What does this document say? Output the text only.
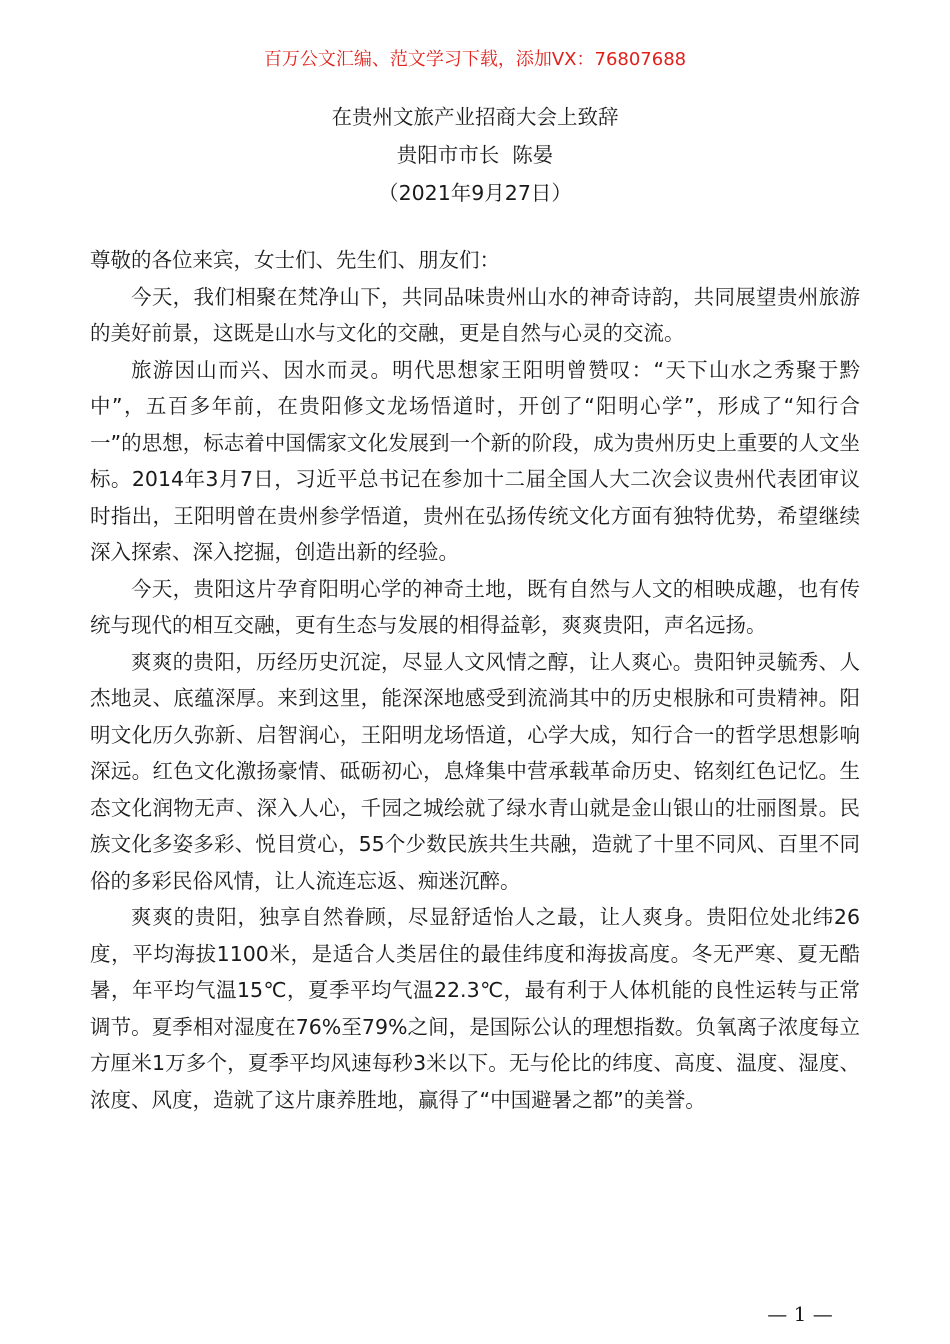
百万公文汇编、范文学习下载，添加VX：76807688
在贵州文旅产业招商大会上致辞
贵阳市市长  陈晏
（2021年9月27日）

尊敬的各位来宾，女士们、先生们、朋友们：

今天，我们相聚在梵净山下，共同品味贵州山水的神奇诗韵，共同展望贵州旅游的美好前景，这既是山水与文化的交融，更是自然与心灵的交流。

旅游因山而兴、因水而灵。明代思想家王阳明曾赞叹：“天下山水之秀聚于黔中”，五百多年前，在贵阳修文龙场悟道时，开创了“阳明心学”，形成了“知行合一”的思想，标志着中国儒家文化发展到一个新的阶段，成为贵州历史上重要的人文坐标。2014年3月7日，习近平总书记在参加十二届全国人大二次会议贵州代表团审议时指出，王阳明曾在贵州参学悟道，贵州在弘扬传统文化方面有独特优势，希望继续深入探索、深入挖掘，创造出新的经验。

今天，贵阳这片孕育阳明心学的神奇土地，既有自然与人文的相映成趣，也有传统与现代的相互交融，更有生态与发展的相得益彰，爽爽贵阳，声名远扬。

爽爽的贵阳，历经历史沉淀，尽显人文风情之醇，让人爽心。贵阳钟灵毓秀、人杰地灵、底蕴深厚。来到这里，能深深地感受到流淌其中的历史根脉和可贵精神。阳明文化历久弥新、启智润心，王阳明龙场悟道，心学大成，知行合一的哲学思想影响深远。红色文化激扬豪情、砥砺初心，息烽集中营承载革命历史、铭刻红色记忆。生态文化润物无声、深入人心，千园之城绘就了绿水青山就是金山银山的壮丽图景。民族文化多姿多彩、悦目赏心，55个少数民族共生共融，造就了十里不同风、百里不同俗的多彩民俗风情，让人流连忘返、痴迷沉醉。

爽爽的贵阳，独享自然眷顾，尽显舒适怡人之最，让人爽身。贵阳位处北纬26度，平均海拔1100米，是适合人类居住的最佳纬度和海拔高度。冬无严寒、夏无酷暑，年平均气温15℃，夏季平均气温22.3℃，最有利于人体机能的良性运转与正常调节。夏季相对湿度在76%至79%之间，是国际公认的理想指数。负氧离子浓度每立方厘米1万多个，夏季平均风速每秒3米以下。无与伦比的纬度、高度、温度、湿度、浓度、风度，造就了这片康养胜地，赢得了“中国避暑之都”的美誉。

— 1 —
